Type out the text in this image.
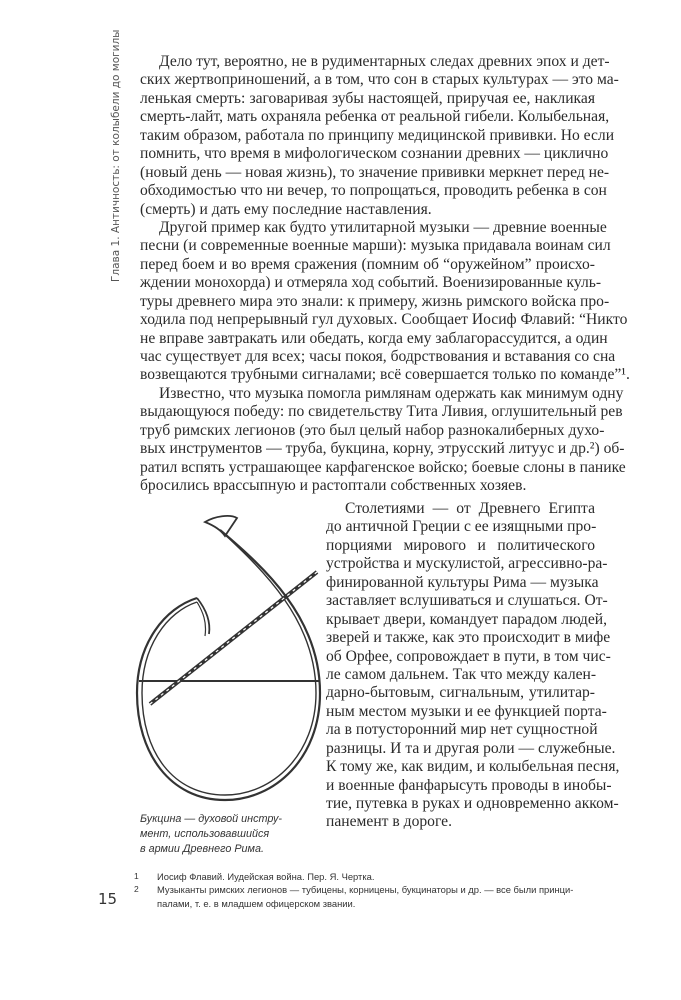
Глава 1. Античность: от колыбели до могилы	Дело тут, вероятно, не в рудиментарных следах древних эпох и дет-
ских жертвоприношений, а в том, что сон в старых культурах — это ма-
ленькая смерть: заговаривая зубы настоящей, приручая ее, накликая
смерть-лайт, мать охраняла ребенка от реальной гибели. Колыбельная,
таким образом, работала по принципу медицинской прививки. Но если
помнить, что время в мифологическом сознании древних — циклично
(новый день — новая жизнь), то значение прививки меркнет перед не-
обходимостью что ни вечер, то попрощаться, проводить ребенка в сон
(смерть) и дать ему последние наставления.
Другой пример как будто утилитарной музыки — древние военные
песни (и современные военные марши): музыка придавала воинам сил
перед боем и во время сражения (помним об “оружейном” происхо-
ждении монохорда) и отмеряла ход событий. Военизированные куль-
туры древнего мира это знали: к примеру, жизнь римского войска про-
ходила под непрерывный гул духовых. Сообщает Иосиф Флавий: “Никто
не вправе завтракать или обедать, когда ему заблагорассудится, а один
час существует для всех; часы покоя, бодрствования и вставания со сна
возвещаются трубными сигналами; всё совершается только по команде”¹.
Известно, что музыка помогла римлянам одержать как минимум одну
выдающуюся победу: по свидетельству Тита Ливия, оглушительный рев
труб римских легионов (это был целый набор разнокалиберных духо-
вых инструментов — труба, букцина, корну, этрусский литуус и др.²) об-
ратил вспять устрашающее карфагенское войско; боевые слоны в панике
бросились врассыпную и растоптали собственных хозяев.
Столетиями — от Древнего Египта
до античной Греции с ее изящными про-
порциями мирового и политического
устройства и мускулистой, агрессивно-ра-
финированной культуры Рима — музыка
заставляет вслушиваться и слушаться. От-
крывает двери, командует парадом людей,
зверей и также, как это происходит в мифе
об Орфее, сопровождает в пути, в том чис-
ле самом дальнем. Так что между кален-
дарно-бытовым, сигнальным, утилитар-
ным местом музыки и ее функцией порта-
ла в потусторонний мир нет сущностной
разницы. И та и другая роли — служебные.
К тому же, как видим, и колыбельная песня,
и военные фанфарысуть проводы в инобы-
тие, путевка в руках и одновременно акком-
панемент в дороге.
Букцина — духовой инстру-
мент, использовавшийся
в армии Древнего Рима.
1	Иосиф Флавий. Иудейская война. Пер. Я. Чертка.
2	Музыканты римских легионов — тубицены, корницены, букцинаторы и др. — все были принци-
палами, т. е. в младшем офицерском звании.
15
